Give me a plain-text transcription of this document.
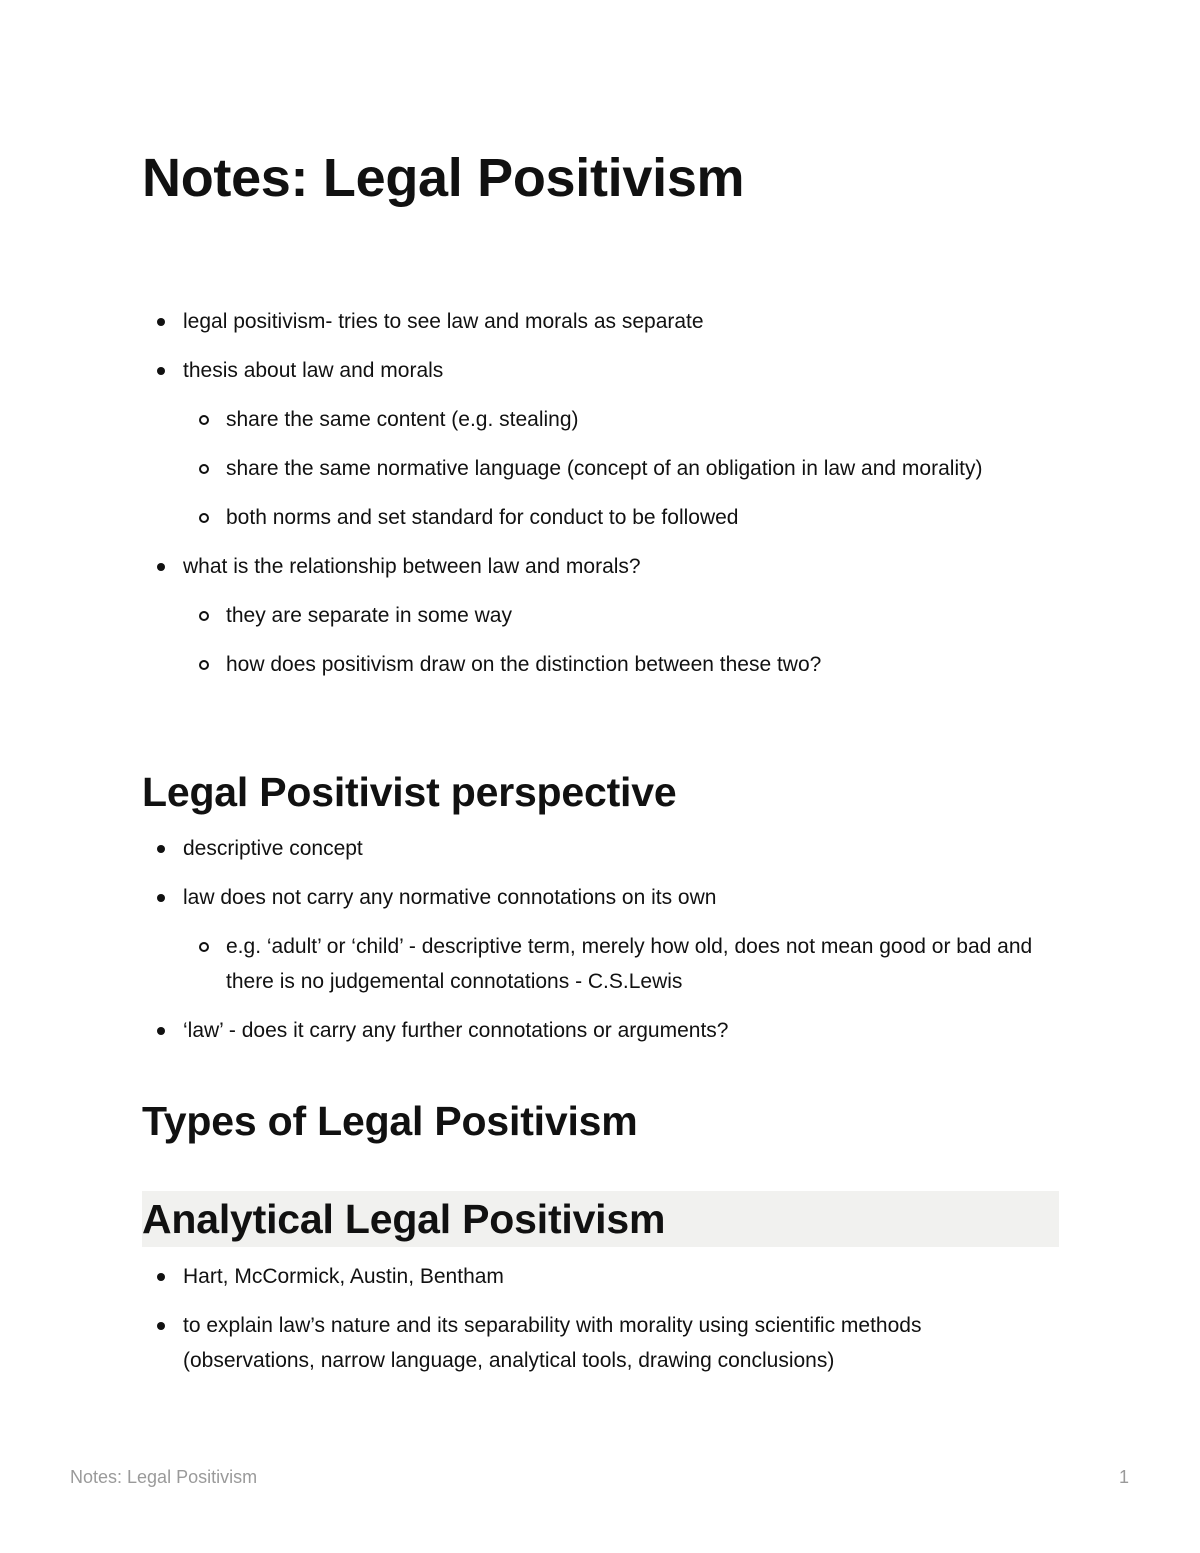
Notes: Legal Positivism
legal positivism- tries to see law and morals as separate
thesis about law and morals
share the same content (e.g. stealing)
share the same normative language (concept of an obligation in law and morality)
both norms and set standard for conduct to be followed
what is the relationship between law and morals?
they are separate in some way
how does positivism draw on the distinction between these two?
Legal Positivist perspective
descriptive concept
law does not carry any normative connotations on its own
e.g. ‘adult’ or ‘child’ - descriptive term, merely how old, does not mean good or bad and there is no judgemental connotations - C.S.Lewis
‘law’ - does it carry any further connotations or arguments?
Types of Legal Positivism
Analytical Legal Positivism
Hart, McCormick, Austin, Bentham
to explain law’s nature and its separability with morality using scientific methods (observations, narrow language, analytical tools, drawing conclusions)
Notes: Legal Positivism	1
